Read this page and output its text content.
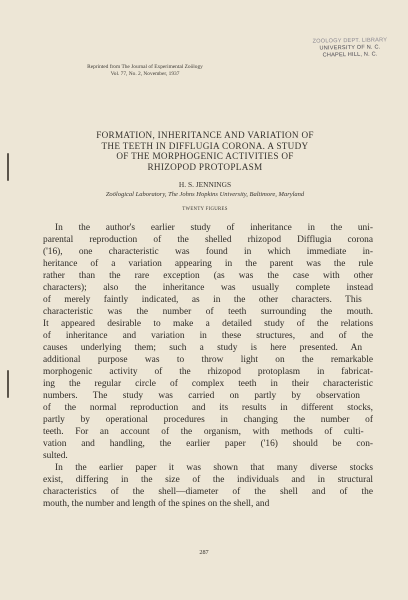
ZOOLOGY DEPT. LIBRARY
UNIVERSITY OF N. C.
CHAPEL HILL, N. C.
Reprinted from The Journal of Experimental Zoölogy
Vol. 77, No. 2, November, 1937
FORMATION, INHERITANCE AND VARIATION OF
THE TEETH IN DIFFLUGIA CORONA. A STUDY
OF THE MORPHOGENIC ACTIVITIES OF
RHIZOPOD PROTOPLASM
H. S. JENNINGS
Zoölogical Laboratory, The Johns Hopkins University, Baltimore, Maryland
TWENTY FIGURES
In the author's earlier study of inheritance in the uni-
parental reproduction of the shelled rhizopod Difflugia corona
('16), one characteristic was found in which immediate in-
heritance of a variation appearing in the parent was the rule
rather than the rare exception (as was the case with other
characters); also the inheritance was usually complete instead
of merely faintly indicated, as in the other characters. This
characteristic was the number of teeth surrounding the mouth.
It appeared desirable to make a detailed study of the relations
of inheritance and variation in these structures, and of the
causes underlying them; such a study is here presented. An
additional purpose was to throw light on the remarkable
morphogenic activity of the rhizopod protoplasm in fabricat-
ing the regular circle of complex teeth in their characteristic
numbers. The study was carried on partly by observation
of the normal reproduction and its results in different stocks,
partly by operational procedures in changing the number of
teeth. For an account of the organism, with methods of culti-
vation and handling, the earlier paper ('16) should be con-
sulted.
In the earlier paper it was shown that many diverse stocks
exist, differing in the size of the individuals and in structural
characteristics of the shell—diameter of the shell and of the
mouth, the number and length of the spines on the shell, and
287
